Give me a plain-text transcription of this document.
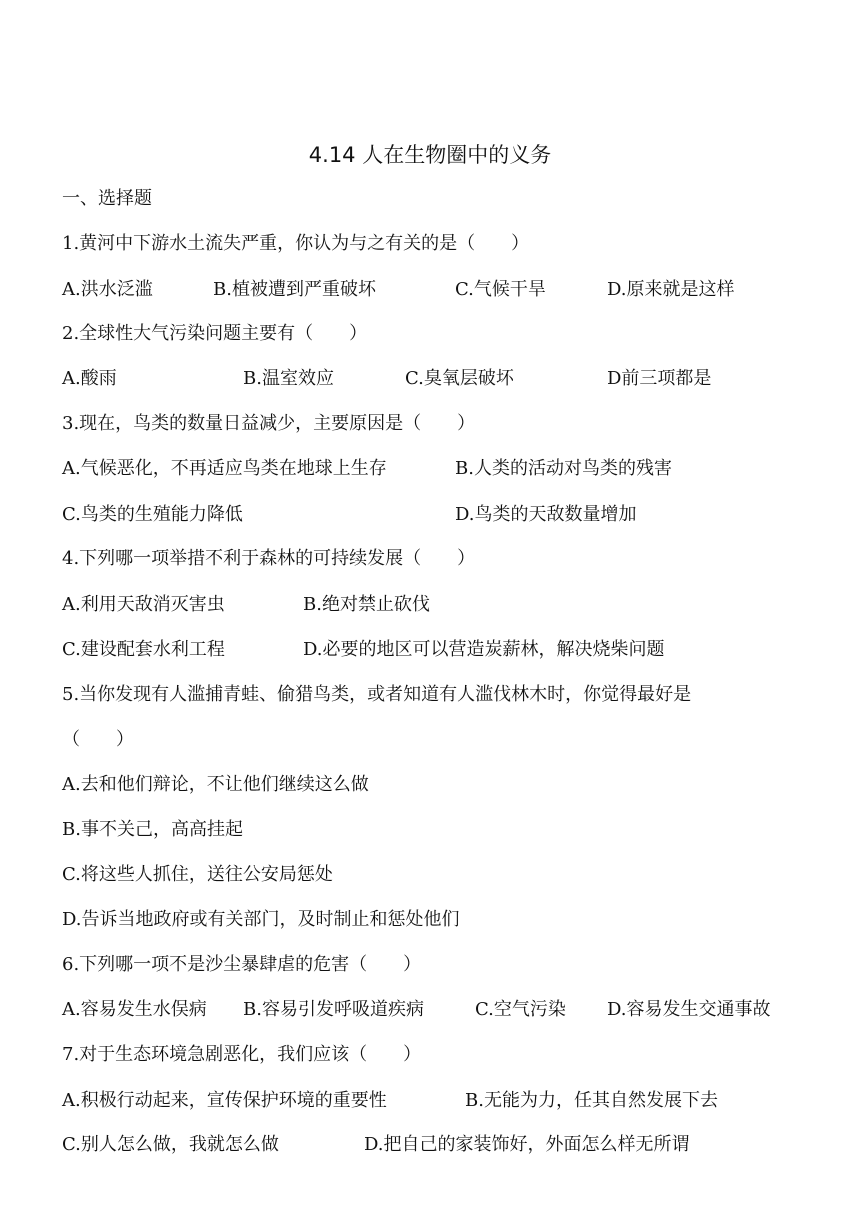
4.14 人在生物圈中的义务
一、选择题
1.黄河中下游水土流失严重，你认为与之有关的是（　　）
A.洪水泛滥	B.植被遭到严重破坏	C.气候干旱	D.原来就是这样
2.全球性大气污染问题主要有（　　）
A.酸雨	B.温室效应	C.臭氧层破坏	D前三项都是
3.现在，鸟类的数量日益减少，主要原因是（　　）
A.气候恶化，不再适应鸟类在地球上生存	B.人类的活动对鸟类的残害
C.鸟类的生殖能力降低	D.鸟类的天敌数量增加
4.下列哪一项举措不利于森林的可持续发展（　　）
A.利用天敌消灭害虫	B.绝对禁止砍伐
C.建设配套水利工程	D.必要的地区可以营造炭薪林，解决烧柴问题
5.当你发现有人滥捕青蛙、偷猎鸟类，或者知道有人滥伐林木时，你觉得最好是
（　　）
A.去和他们辩论，不让他们继续这么做
B.事不关己，高高挂起
C.将这些人抓住，送往公安局惩处
D.告诉当地政府或有关部门，及时制止和惩处他们
6.下列哪一项不是沙尘暴肆虐的危害（　　）
A.容易发生水俣病 B.容易引发呼吸道疾病	C.空气污染 D.容易发生交通事故
7.对于生态环境急剧恶化，我们应该（　　）
A.积极行动起来，宣传保护环境的重要性	B.无能为力，任其自然发展下去
C.别人怎么做，我就怎么做	D.把自己的家装饰好，外面怎么样无所谓
